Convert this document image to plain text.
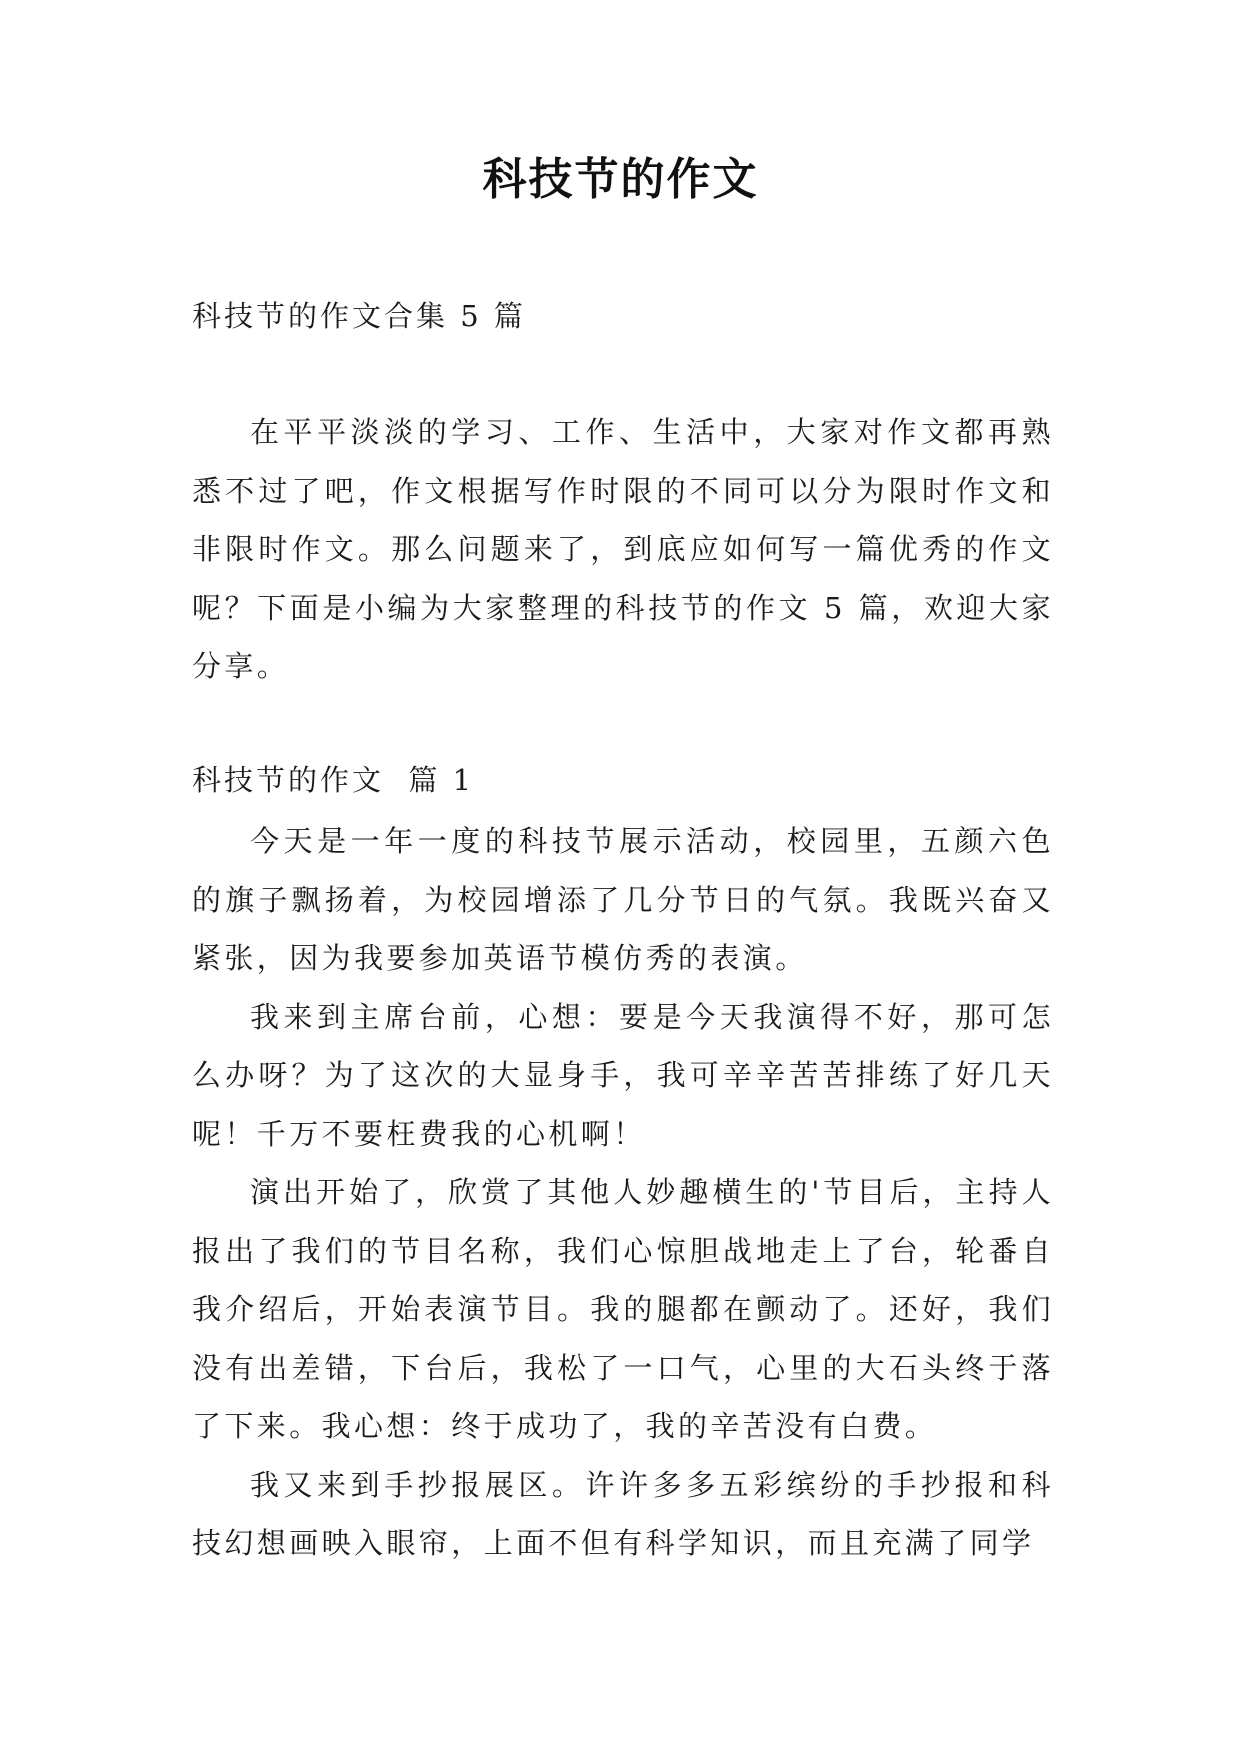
科技节的作文
科技节的作文合集 5 篇

在平平淡淡的学习、工作、生活中，大家对作文都再熟悉不过了吧，作文根据写作时限的不同可以分为限时作文和非限时作文。那么问题来了，到底应如何写一篇优秀的作文呢？下面是小编为大家整理的科技节的作文 5 篇，欢迎大家分享。

科技节的作文  篇 1

今天是一年一度的科技节展示活动，校园里，五颜六色的旗子飘扬着，为校园增添了几分节日的气氛。我既兴奋又紧张，因为我要参加英语节模仿秀的表演。

我来到主席台前，心想：要是今天我演得不好，那可怎么办呀？为了这次的大显身手，我可辛辛苦苦排练了好几天呢！千万不要枉费我的心机啊！

演出开始了，欣赏了其他人妙趣横生的'节目后，主持人报出了我们的节目名称，我们心惊胆战地走上了台，轮番自我介绍后，开始表演节目。我的腿都在颤动了。还好，我们没有出差错，下台后，我松了一口气，心里的大石头终于落了下来。我心想：终于成功了，我的辛苦没有白费。

我又来到手抄报展区。许许多多五彩缤纷的手抄报和科技幻想画映入眼帘，上面不但有科学知识，而且充满了同学
